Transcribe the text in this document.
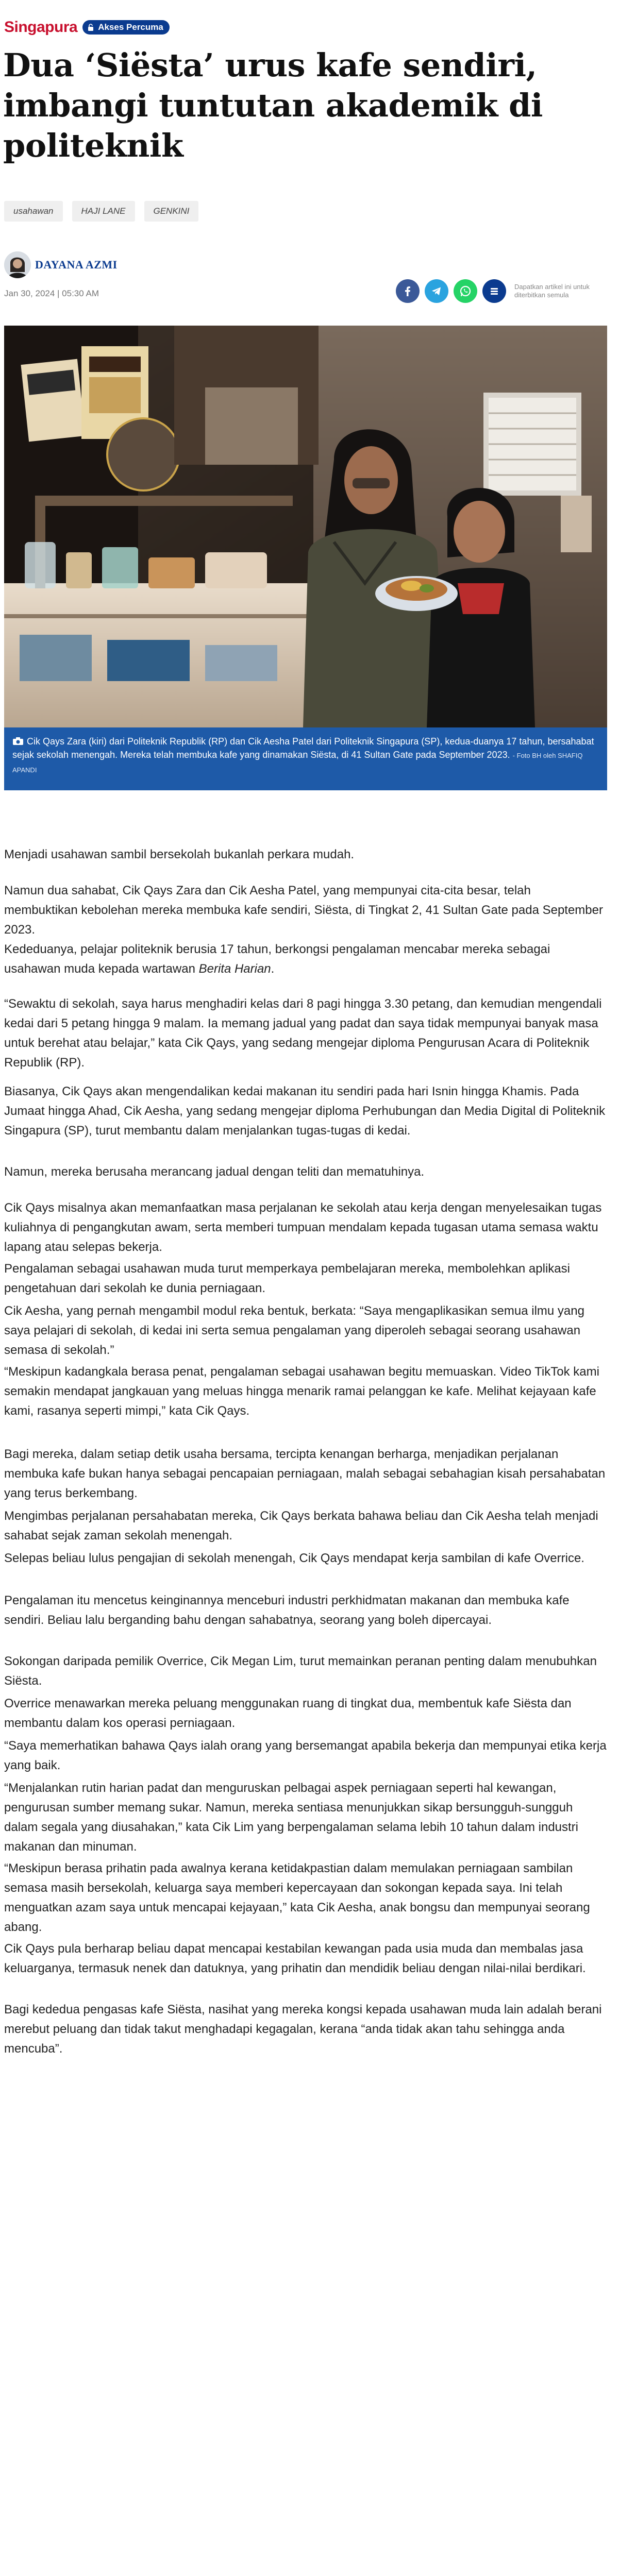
Singapura Akses Percuma
Dua ‘Siësta’ urus kafe sendiri, imbangi tuntutan akademik di politeknik
usahawan	HAJI LANE	GENKINI
DAYANA AZMI
Jan 30, 2024 | 05:30 AM
Dapatkan artikel ini untuk diterbitkan semula
Cik Qays Zara (kiri) dari Politeknik Republik (RP) dan Cik Aesha Patel dari Politeknik Singapura (SP), kedua-duanya 17 tahun, bersahabat sejak sekolah menengah. Mereka telah membuka kafe yang dinamakan Siësta, di 41 Sultan Gate pada September 2023. - Foto BH oleh SHAFIQ APANDI

Menjadi usahawan sambil bersekolah bukanlah perkara mudah.

Namun dua sahabat, Cik Qays Zara dan Cik Aesha Patel, yang mempunyai cita-cita besar, telah membuktikan kebolehan mereka membuka kafe sendiri, Siësta, di Tingkat 2, 41 Sultan Gate pada September 2023.

Kededuanya, pelajar politeknik berusia 17 tahun, berkongsi pengalaman mencabar mereka sebagai usahawan muda kepada wartawan Berita Harian.

“Sewaktu di sekolah, saya harus menghadiri kelas dari 8 pagi hingga 3.30 petang, dan kemudian mengendali kedai dari 5 petang hingga 9 malam. Ia memang jadual yang padat dan saya tidak mempunyai banyak masa untuk berehat atau belajar,” kata Cik Qays, yang sedang mengejar diploma Pengurusan Acara di Politeknik Republik (RP).

Biasanya, Cik Qays akan mengendalikan kedai makanan itu sendiri pada hari Isnin hingga Khamis. Pada Jumaat hingga Ahad, Cik Aesha, yang sedang mengejar diploma Perhubungan dan Media Digital di Politeknik Singapura (SP), turut membantu dalam menjalankan tugas-tugas di kedai.

Namun, mereka berusaha merancang jadual dengan teliti dan mematuhinya.

Cik Qays misalnya akan memanfaatkan masa perjalanan ke sekolah atau kerja dengan menyelesaikan tugas kuliahnya di pengangkutan awam, serta memberi tumpuan mendalam kepada tugasan utama semasa waktu lapang atau selepas bekerja.

Pengalaman sebagai usahawan muda turut memperkaya pembelajaran mereka, membolehkan aplikasi pengetahuan dari sekolah ke dunia perniagaan.

Cik Aesha, yang pernah mengambil modul reka bentuk, berkata: “Saya mengaplikasikan semua ilmu yang saya pelajari di sekolah, di kedai ini serta semua pengalaman yang diperoleh sebagai seorang usahawan semasa di sekolah.”

“Meskipun kadangkala berasa penat, pengalaman sebagai usahawan begitu memuaskan. Video TikTok kami semakin mendapat jangkauan yang meluas hingga menarik ramai pelanggan ke kafe. Melihat kejayaan kafe kami, rasanya seperti mimpi,” kata Cik Qays.

Bagi mereka, dalam setiap detik usaha bersama, tercipta kenangan berharga, menjadikan perjalanan membuka kafe bukan hanya sebagai pencapaian perniagaan, malah sebagai sebahagian kisah persahabatan yang terus berkembang.

Mengimbas perjalanan persahabatan mereka, Cik Qays berkata bahawa beliau dan Cik Aesha telah menjadi sahabat sejak zaman sekolah menengah.

Selepas beliau lulus pengajian di sekolah menengah, Cik Qays mendapat kerja sambilan di kafe Overrice.

Pengalaman itu mencetus keinginannya menceburi industri perkhidmatan makanan dan membuka kafe sendiri. Beliau lalu berganding bahu dengan sahabatnya, seorang yang boleh dipercayai.

Sokongan daripada pemilik Overrice, Cik Megan Lim, turut memainkan peranan penting dalam menubuhkan Siësta.

Overrice menawarkan mereka peluang menggunakan ruang di tingkat dua, membentuk kafe Siësta dan membantu dalam kos operasi perniagaan.

“Saya memerhatikan bahawa Qays ialah orang yang bersemangat apabila bekerja dan mempunyai etika kerja yang baik.

“Menjalankan rutin harian padat dan menguruskan pelbagai aspek perniagaan seperti hal kewangan, pengurusan sumber memang sukar. Namun, mereka sentiasa menunjukkan sikap bersungguh-sungguh dalam segala yang diusahakan,” kata Cik Lim yang berpengalaman selama lebih 10 tahun dalam industri makanan dan minuman.

“Meskipun berasa prihatin pada awalnya kerana ketidakpastian dalam memulakan perniagaan sambilan semasa masih bersekolah, keluarga saya memberi kepercayaan dan sokongan kepada saya. Ini telah menguatkan azam saya untuk mencapai kejayaan,” kata Cik Aesha, anak bongsu dan mempunyai seorang abang.

Cik Qays pula berharap beliau dapat mencapai kestabilan kewangan pada usia muda dan membalas jasa keluarganya, termasuk nenek dan datuknya, yang prihatin dan mendidik beliau dengan nilai-nilai berdikari.

Bagi kededua pengasas kafe Siësta, nasihat yang mereka kongsi kepada usahawan muda lain adalah berani merebut peluang dan tidak takut menghadapi kegagalan, kerana “anda tidak akan tahu sehingga anda mencuba”.
